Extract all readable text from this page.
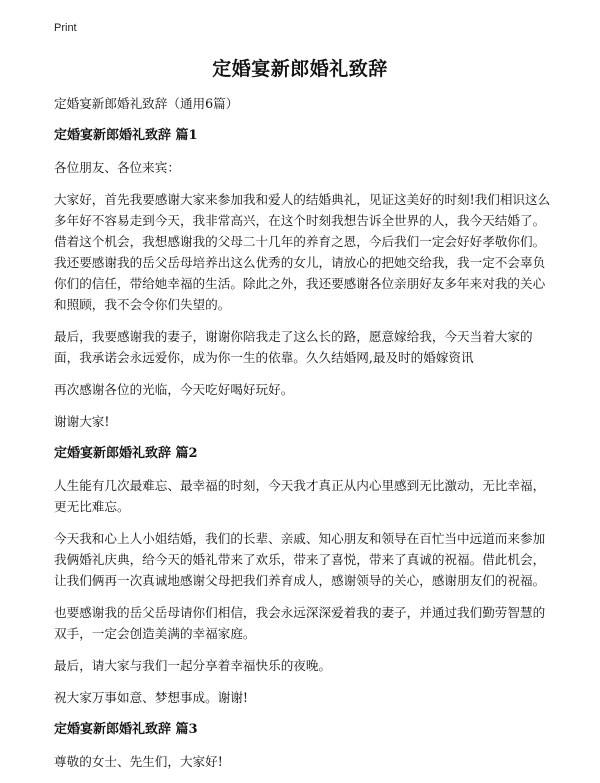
Print
定婚宴新郎婚礼致辞

定婚宴新郎婚礼致辞（通用6篇）

定婚宴新郎婚礼致辞 篇1

各位朋友、各位来宾：

大家好，首先我要感谢大家来参加我和爱人的结婚典礼，见证这美好的时刻!我们相识这么多年好不容易走到今天，我非常高兴，在这个时刻我想告诉全世界的人，我今天结婚了。借着这个机会，我想感谢我的父母二十几年的养育之恩，今后我们一定会好好孝敬你们。我还要感谢我的岳父岳母培养出这么优秀的女儿，请放心的把她交给我，我一定不会辜负你们的信任，带给她幸福的生活。除此之外，我还要感谢各位亲朋好友多年来对我的关心和照顾，我不会令你们失望的。

最后，我要感谢我的妻子，谢谢你陪我走了这么长的路，愿意嫁给我，今天当着大家的面，我承诺会永远爱你，成为你一生的依靠。久久结婚网,最及时的婚嫁资讯

再次感谢各位的光临，今天吃好喝好玩好。

谢谢大家!

定婚宴新郎婚礼致辞 篇2

人生能有几次最难忘、最幸福的时刻，今天我才真正从内心里感到无比激动，无比幸福，更无比难忘。

今天我和心上人小姐结婚，我们的长辈、亲戚、知心朋友和领导在百忙当中远道而来参加我俩婚礼庆典，给今天的婚礼带来了欢乐，带来了喜悦，带来了真诚的祝福。借此机会，让我们俩再一次真诚地感谢父母把我们养育成人，感谢领导的关心，感谢朋友们的祝福。

也要感谢我的岳父岳母请你们相信，我会永远深深爱着我的妻子，并通过我们勤劳智慧的双手，一定会创造美满的幸福家庭。

最后，请大家与我们一起分享着幸福快乐的夜晚。

祝大家万事如意、梦想事成。谢谢!

定婚宴新郎婚礼致辞 篇3

尊敬的女士、先生们，大家好!
